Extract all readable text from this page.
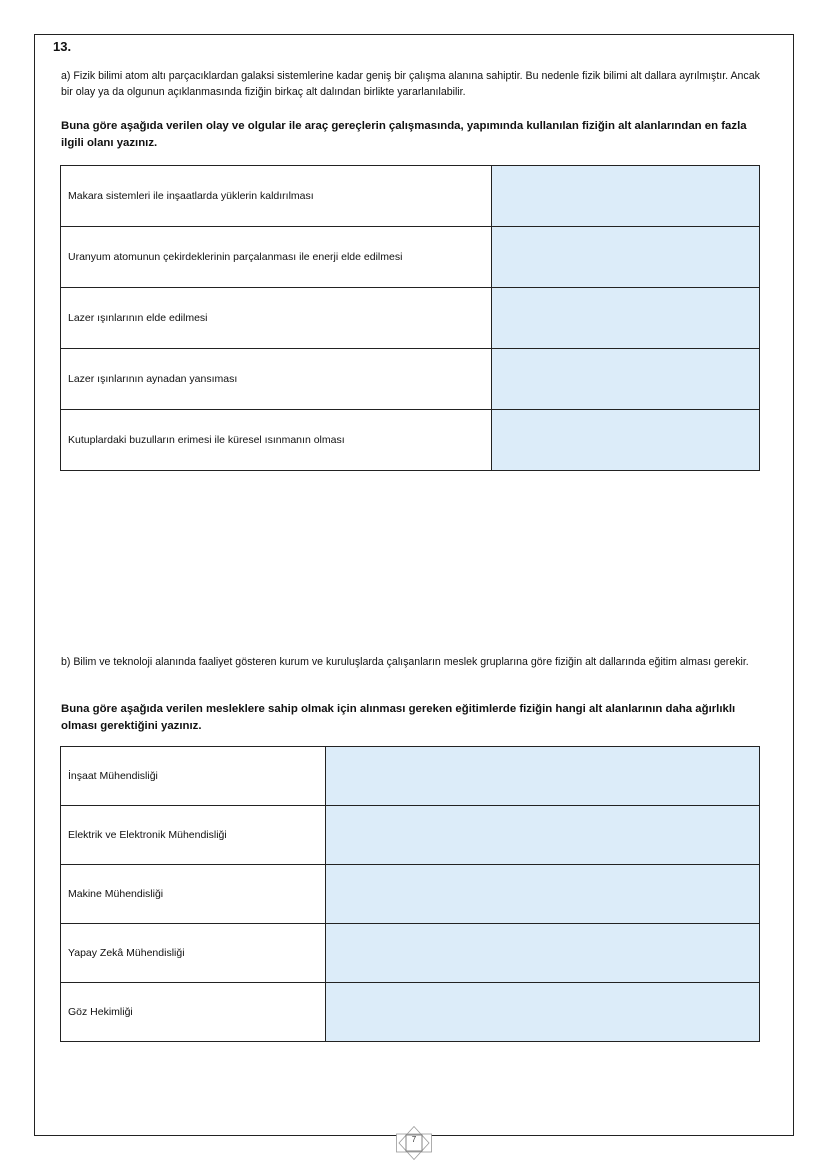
13.
a) Fizik bilimi atom altı parçacıklardan galaksi sistemlerine kadar geniş bir çalışma alanına sahiptir. Bu nedenle fizik bilimi alt dallara ayrılmıştır. Ancak bir olay ya da olgunun açıklanmasında fiziğin birkaç alt dalından birlikte yararlanılabilir.
Buna göre aşağıda verilen olay ve olgular ile araç gereçlerin çalışmasında, yapımında kullanılan fiziğin alt alanlarından en fazla ilgili olanı yazınız.
Makara sistemleri ile inşaatlarda yüklerin kaldırılması	
Uranyum atomunun çekirdeklerinin parçalanması ile enerji elde edilmesi	
Lazer ışınlarının elde edilmesi	
Lazer ışınlarının aynadan yansıması	
Kutuplardaki buzulların erimesi ile küresel ısınmanın olması	
b) Bilim ve teknoloji alanında faaliyet gösteren kurum ve kuruluşlarda çalışanların meslek gruplarına göre fiziğin alt dallarında eğitim alması gerekir.
Buna göre aşağıda verilen mesleklere sahip olmak için alınması gereken eğitimlerde fiziğin hangi alt alanlarının daha ağırlıklı olması gerektiğini yazınız.
İnşaat Mühendisliği	
Elektrik ve Elektronik Mühendisliği	
Makine Mühendisliği	
Yapay Zekâ Mühendisliği	
Göz Hekimliği	
7
